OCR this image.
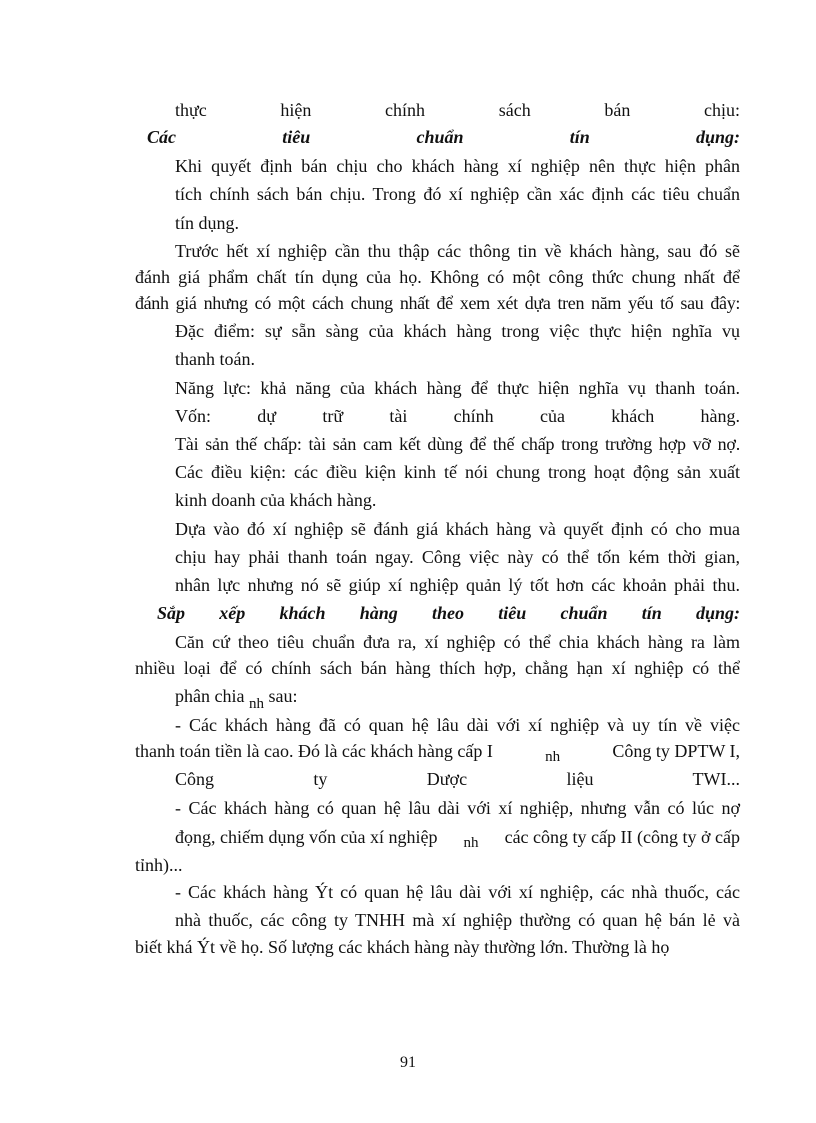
thực hiện chính sách bán chịu:
Các tiêu chuẩn tín dụng:
Khi quyết định bán chịu cho khách hàng xí nghiệp nên thực hiện phân
tích chính sách bán chịu. Trong đó xí nghiệp cần xác định các tiêu chuẩn
tín dụng.
Trước hết xí nghiệp cần thu thập các thông tin về khách hàng, sau đó sẽ
đánh giá phẩm chất tín dụng của họ. Không có một công thức chung nhất để
đánh giá nhưng có một cách chung nhất để xem xét dựa tren năm yếu tố sau đây:
Đặc điểm: sự sẵn sàng của khách hàng trong việc thực hiện nghĩa vụ
thanh toán.
Năng lực: khả năng của khách hàng để thực hiện nghĩa vụ thanh toán.
Vốn: dự trữ tài chính của khách hàng.
Tài sản thế chấp: tài sản cam kết dùng để thế chấp trong trường hợp vỡ nợ.
Các điều kiện: các điều kiện kinh tế nói chung trong hoạt động sản xuất
kinh doanh của khách hàng.
Dựa vào đó xí nghiệp sẽ đánh giá khách hàng và quyết định có cho mua
chịu hay phải thanh toán ngay. Công việc này có thể tốn kém thời gian,
nhân lực nhưng nó sẽ giúp xí nghiệp quản lý tốt hơn các khoản phải thu.
Sắp xếp khách hàng theo tiêu chuẩn tín dụng:
Căn cứ theo tiêu chuẩn đưa ra, xí nghiệp có thể chia khách hàng ra làm
nhiều loại để có chính sách bán hàng thích hợp, chẳng hạn xí nghiệp có thể
phân chia $_{nh}$ sau:
- Các khách hàng đã có quan hệ lâu dài với xí nghiệp và uy tín về việc
thanh toán tiền là cao. Đó là các khách hàng cấp I	nh	Công ty DPTW I,
Công ty Dược liệu TWI...
- Các khách hàng có quan hệ lâu dài với xí nghiệp, nhưng vẫn có lúc nợ
đọng, chiếm dụng vốn của xí nghiệp nh các công ty cấp II (công ty ở cấp
tỉnh)...
- Các khách hàng Ýt có quan hệ lâu dài với xí nghiệp, các nhà thuốc, các
nhà thuốc, các công ty TNHH mà xí nghiệp thường có quan hệ bán lẻ và
biết khá Ýt về họ. Số lượng các khách hàng này thường lớn. Thường là họ
91
